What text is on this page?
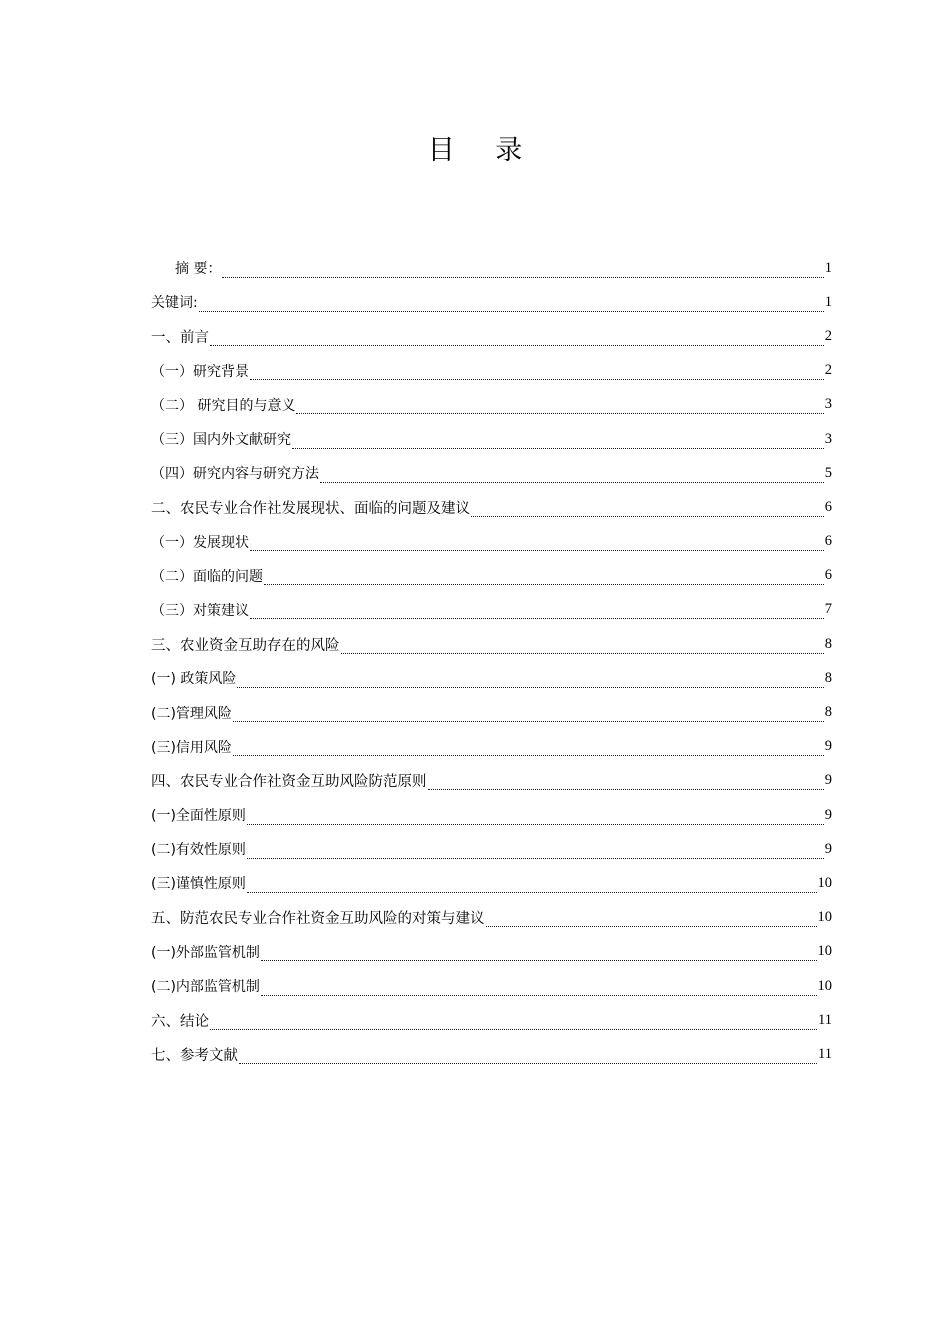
目 录
摘 要：	1
关键词:	1
一、前言	2
（一）研究背景	2
（二） 研究目的与意义	3
（三）国内外文献研究	3
（四）研究内容与研究方法	5
二、农民专业合作社发展现状、面临的问题及建议	6
（一）发展现状	6
（二）面临的问题	6
（三）对策建议	7
三、农业资金互助存在的风险	8
(一) 政策风险	8
(二)管理风险	8
(三)信用风险	9
四、农民专业合作社资金互助风险防范原则	9
(一)全面性原则	9
(二)有效性原则	9
(三)谨慎性原则	10
五、防范农民专业合作社资金互助风险的对策与建议	10
(一)外部监管机制	10
(二)内部监管机制	10
六、结论	11
七、参考文献	11
